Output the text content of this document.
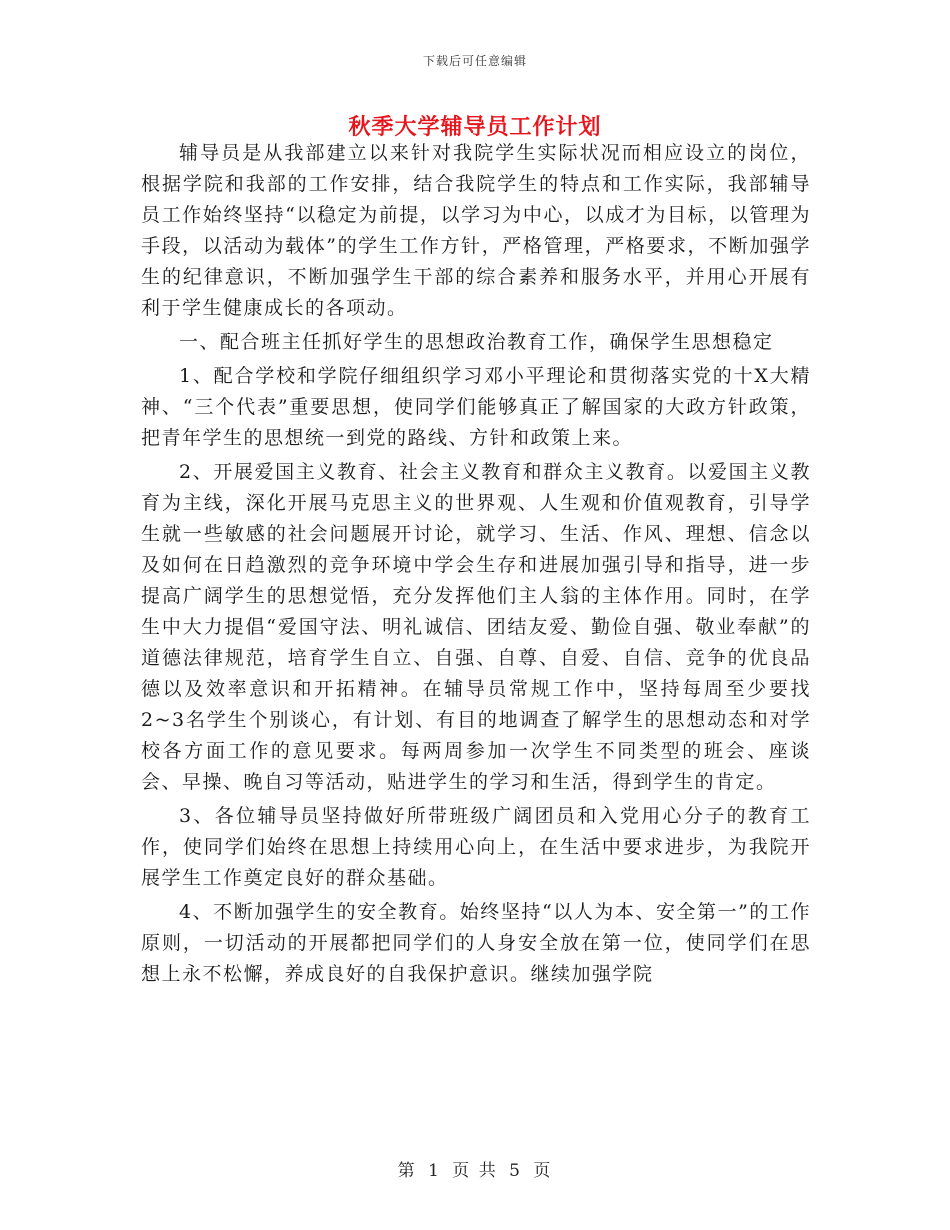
下载后可任意编辑
秋季大学辅导员工作计划

辅导员是从我部建立以来针对我院学生实际状况而相应设立的岗位，根据学院和我部的工作安排，结合我院学生的特点和工作实际，我部辅导员工作始终坚持“以稳定为前提，以学习为中心，以成才为目标，以管理为手段，以活动为载体”的学生工作方针，严格管理，严格要求，不断加强学生的纪律意识，不断加强学生干部的综合素养和服务水平，并用心开展有利于学生健康成长的各项动。

一、配合班主任抓好学生的思想政治教育工作，确保学生思想稳定

1、配合学校和学院仔细组织学习邓小平理论和贯彻落实党的十X大精神、“三个代表”重要思想，使同学们能够真正了解国家的大政方针政策，把青年学生的思想统一到党的路线、方针和政策上来。

2、开展爱国主义教育、社会主义教育和群众主义教育。以爱国主义教育为主线，深化开展马克思主义的世界观、人生观和价值观教育，引导学生就一些敏感的社会问题展开讨论，就学习、生活、作风、理想、信念以及如何在日趋激烈的竞争环境中学会生存和进展加强引导和指导，进一步提高广阔学生的思想觉悟，充分发挥他们主人翁的主体作用。同时，在学生中大力提倡“爱国守法、明礼诚信、团结友爱、勤俭自强、敬业奉献”的道德法律规范，培育学生自立、自强、自尊、自爱、自信、竞争的优良品德以及效率意识和开拓精神。在辅导员常规工作中，坚持每周至少要找2~3名学生个别谈心，有计划、有目的地调查了解学生的思想动态和对学校各方面工作的意见要求。每两周参加一次学生不同类型的班会、座谈会、早操、晚自习等活动，贴进学生的学习和生活，得到学生的肯定。

3、各位辅导员坚持做好所带班级广阔团员和入党用心分子的教育工作，使同学们始终在思想上持续用心向上，在生活中要求进步，为我院开展学生工作奠定良好的群众基础。

4、不断加强学生的安全教育。始终坚持“以人为本、安全第一”的工作原则，一切活动的开展都把同学们的人身安全放在第一位，使同学们在思想上永不松懈，养成良好的自我保护意识。继续加强学院

第 1 页 共 5 页
